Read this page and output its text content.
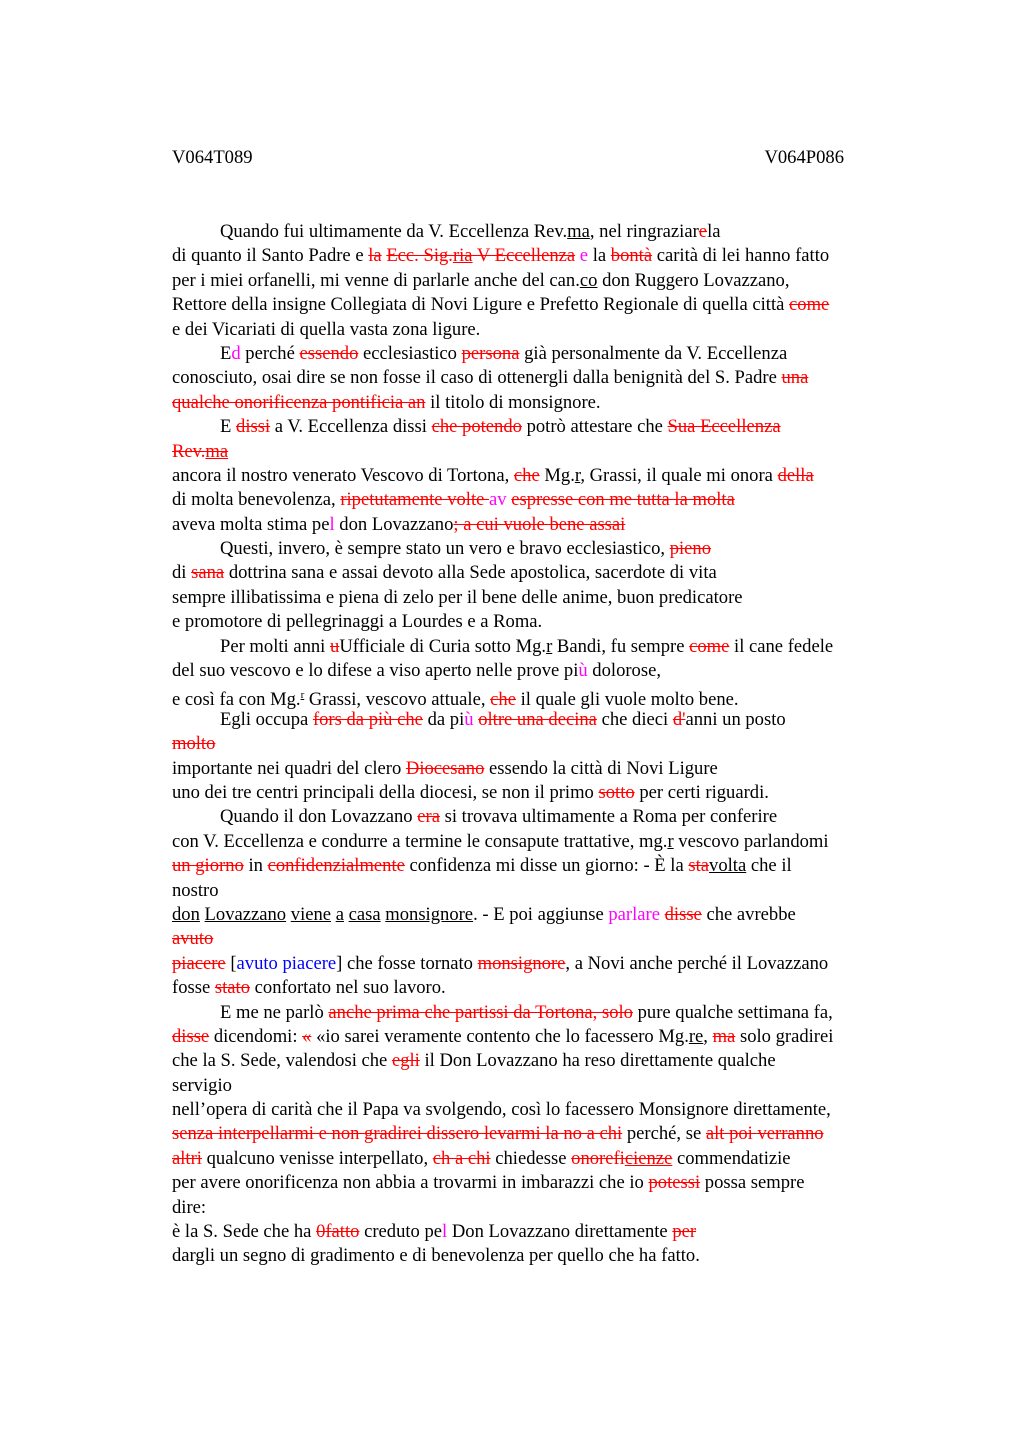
V064T089	V064P086
Quando fui ultimamente da V. Eccellenza Rev.ma, nel ringraziarela
di quanto il Santo Padre e la Ecc. Sig.ria V Eccellenza e la bontà carità di lei hanno fatto
per i miei orfanelli, mi venne di parlarle anche del can.co don Ruggero Lovazzano,
Rettore della insigne Collegiata di Novi Ligure e Prefetto Regionale di quella città come
e dei Vicariati di quella vasta zona ligure.
Ed perché essendo ecclesiastico persona già personalmente da V. Eccellenza
conosciuto, osai dire se non fosse il caso di ottenergli dalla benignità del S. Padre una
qualche onorificenza pontificia an il titolo di monsignore.
E dissi a V. Eccellenza dissi che potendo potrò attestare che Sua Eccellenza
Rev.ma
ancora il nostro venerato Vescovo di Tortona, che Mg.r, Grassi, il quale mi onora della
di molta benevolenza, ripetutamente volte av espresse con me tutta la molta
aveva molta stima pel don Lovazzano; a cui vuole bene assai
Questi, invero, è sempre stato un vero e bravo ecclesiastico, pieno
di sana dottrina sana e assai devoto alla Sede apostolica, sacerdote di vita
sempre illibatissima e piena di zelo per il bene delle anime, buon predicatore
e promotore di pellegrinaggi a Lourdes e a Roma.
Per molti anni uUfficiale di Curia sotto Mg.r Bandi, fu sempre come il cane fedele
del suo vescovo e lo difese a viso aperto nelle prove più dolorose,
e così fa con Mg.$^r$ Grassi, vescovo attuale, che il quale gli vuole molto bene.
Egli occupa fors da più che da più oltre una decina che dieci d'anni un posto
molto
importante nei quadri del clero Diocesano essendo la città di Novi Ligure
uno dei tre centri principali della diocesi, se non il primo sotto per certi riguardi.
Quando il don Lovazzano era si trovava ultimamente a Roma per conferire
con V. Eccellenza e condurre a termine le consapute trattative, mg.r vescovo parlandomi
un giorno in confidenzialmente confidenza mi disse un giorno: - È la stavolta che il
nostro
don Lovazzano viene a casa monsignore. - E poi aggiunse parlare disse che avrebbe
avuto
piacere [avuto piacere] che fosse tornato monsignore, a Novi anche perché il Lovazzano
fosse stato confortato nel suo lavoro.
E me ne parlò anche prima che partissi da Tortona, solo pure qualche settimana fa,
disse dicendomi: « «io sarei veramente contento che lo facessero Mg.re, ma solo gradirei
che la S. Sede, valendosi che egli il Don Lovazzano ha reso direttamente qualche
servigio
nell’opera di carità che il Papa va svolgendo, così lo facessero Monsignore direttamente,
senza interpellarmi e non gradirei dissero levarmi la no a chi perché, se alt poi verranno
altri qualcuno venisse interpellato, ch a chi chiedesse onoreficienze commendatizie
per avere onorificenza non abbia a trovarmi in imbarazzi che io potessi possa sempre
dire:
è la S. Sede che ha 0fatto creduto pel Don Lovazzano direttamente per
dargli un segno di gradimento e di benevolenza per quello che ha fatto.
